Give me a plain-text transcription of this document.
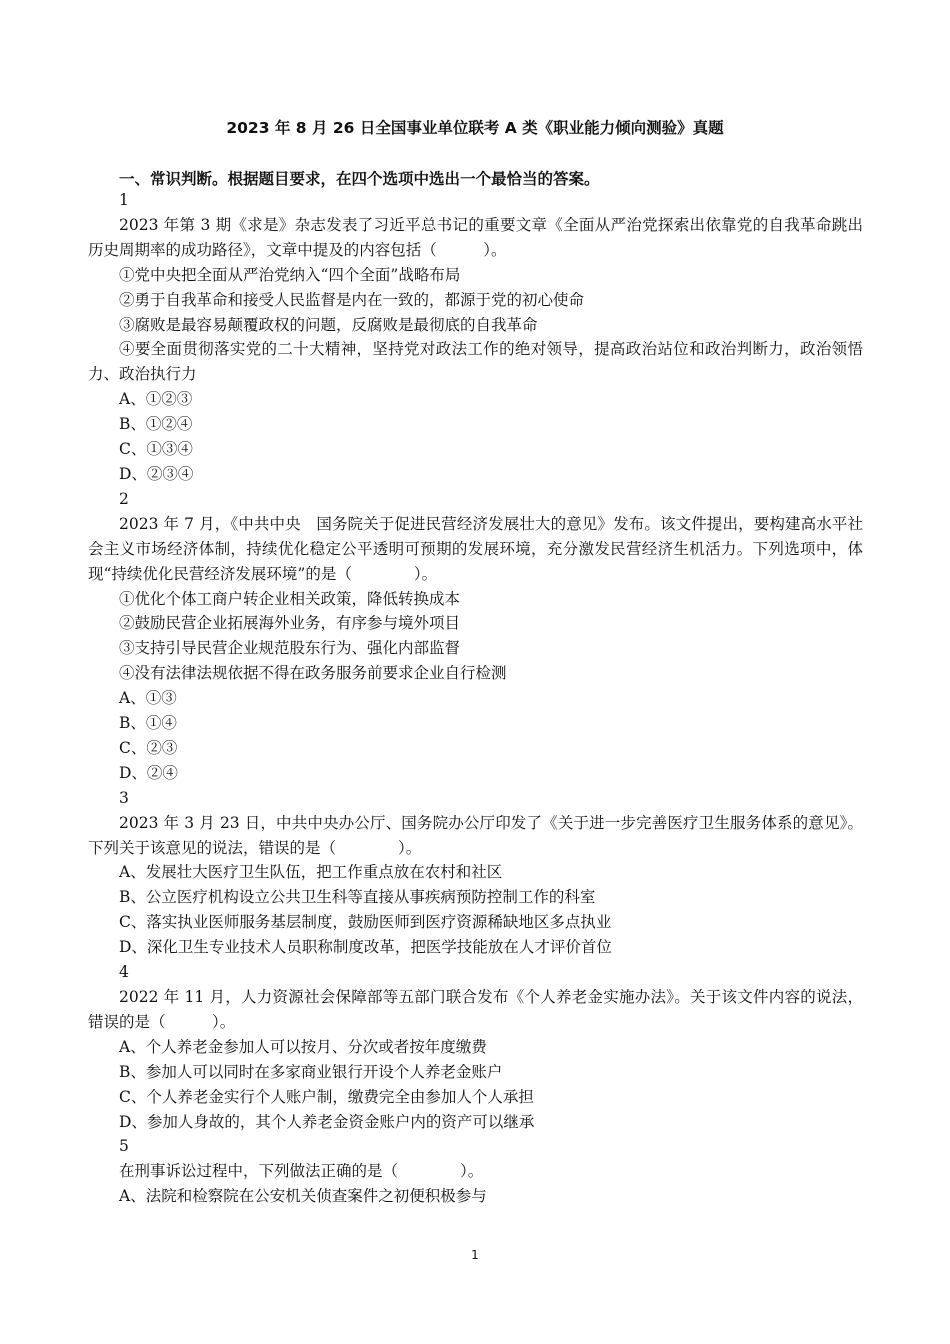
2023 年 8 月 26 日全国事业单位联考 A 类《职业能力倾向测验》真题
一、常识判断。根据题目要求，在四个选项中选出一个最恰当的答案。

1

2023 年第 3 期《求是》杂志发表了习近平总书记的重要文章《全面从严治党探索出依靠党的自我革命跳出历史周期率的成功路径》，文章中提及的内容包括（　　　）。

①党中央把全面从严治党纳入“四个全面”战略布局

②勇于自我革命和接受人民监督是内在一致的，都源于党的初心使命

③腐败是最容易颠覆政权的问题，反腐败是最彻底的自我革命

④要全面贯彻落实党的二十大精神，坚持党对政法工作的绝对领导，提高政治站位和政治判断力，政治领悟力、政治执行力

A、①②③

B、①②④

C、①③④

D、②③④

2

2023 年 7 月，《中共中央　国务院关于促进民营经济发展壮大的意见》发布。该文件提出，要构建高水平社会主义市场经济体制，持续优化稳定公平透明可预期的发展环境，充分激发民营经济生机活力。下列选项中，体现“持续优化民营经济发展环境”的是（　　　　）。

①优化个体工商户转企业相关政策，降低转换成本

②鼓励民营企业拓展海外业务，有序参与境外项目

③支持引导民营企业规范股东行为、强化内部监督

④没有法律法规依据不得在政务服务前要求企业自行检测

A、①③

B、①④

C、②③

D、②④

3

2023 年 3 月 23 日，中共中央办公厅、国务院办公厅印发了《关于进一步完善医疗卫生服务体系的意见》。下列关于该意见的说法，错误的是（　　　　）。

A、发展壮大医疗卫生队伍，把工作重点放在农村和社区

B、公立医疗机构设立公共卫生科等直接从事疾病预防控制工作的科室

C、落实执业医师服务基层制度，鼓励医师到医疗资源稀缺地区多点执业

D、深化卫生专业技术人员职称制度改革，把医学技能放在人才评价首位

4

2022 年 11 月，人力资源社会保障部等五部门联合发布《个人养老金实施办法》。关于该文件内容的说法，错误的是（　　　）。

A、个人养老金参加人可以按月、分次或者按年度缴费

B、参加人可以同时在多家商业银行开设个人养老金账户

C、个人养老金实行个人账户制，缴费完全由参加人个人承担

D、参加人身故的，其个人养老金资金账户内的资产可以继承

5

在刑事诉讼过程中，下列做法正确的是（　　　　）。

A、法院和检察院在公安机关侦查案件之初便积极参与

1
